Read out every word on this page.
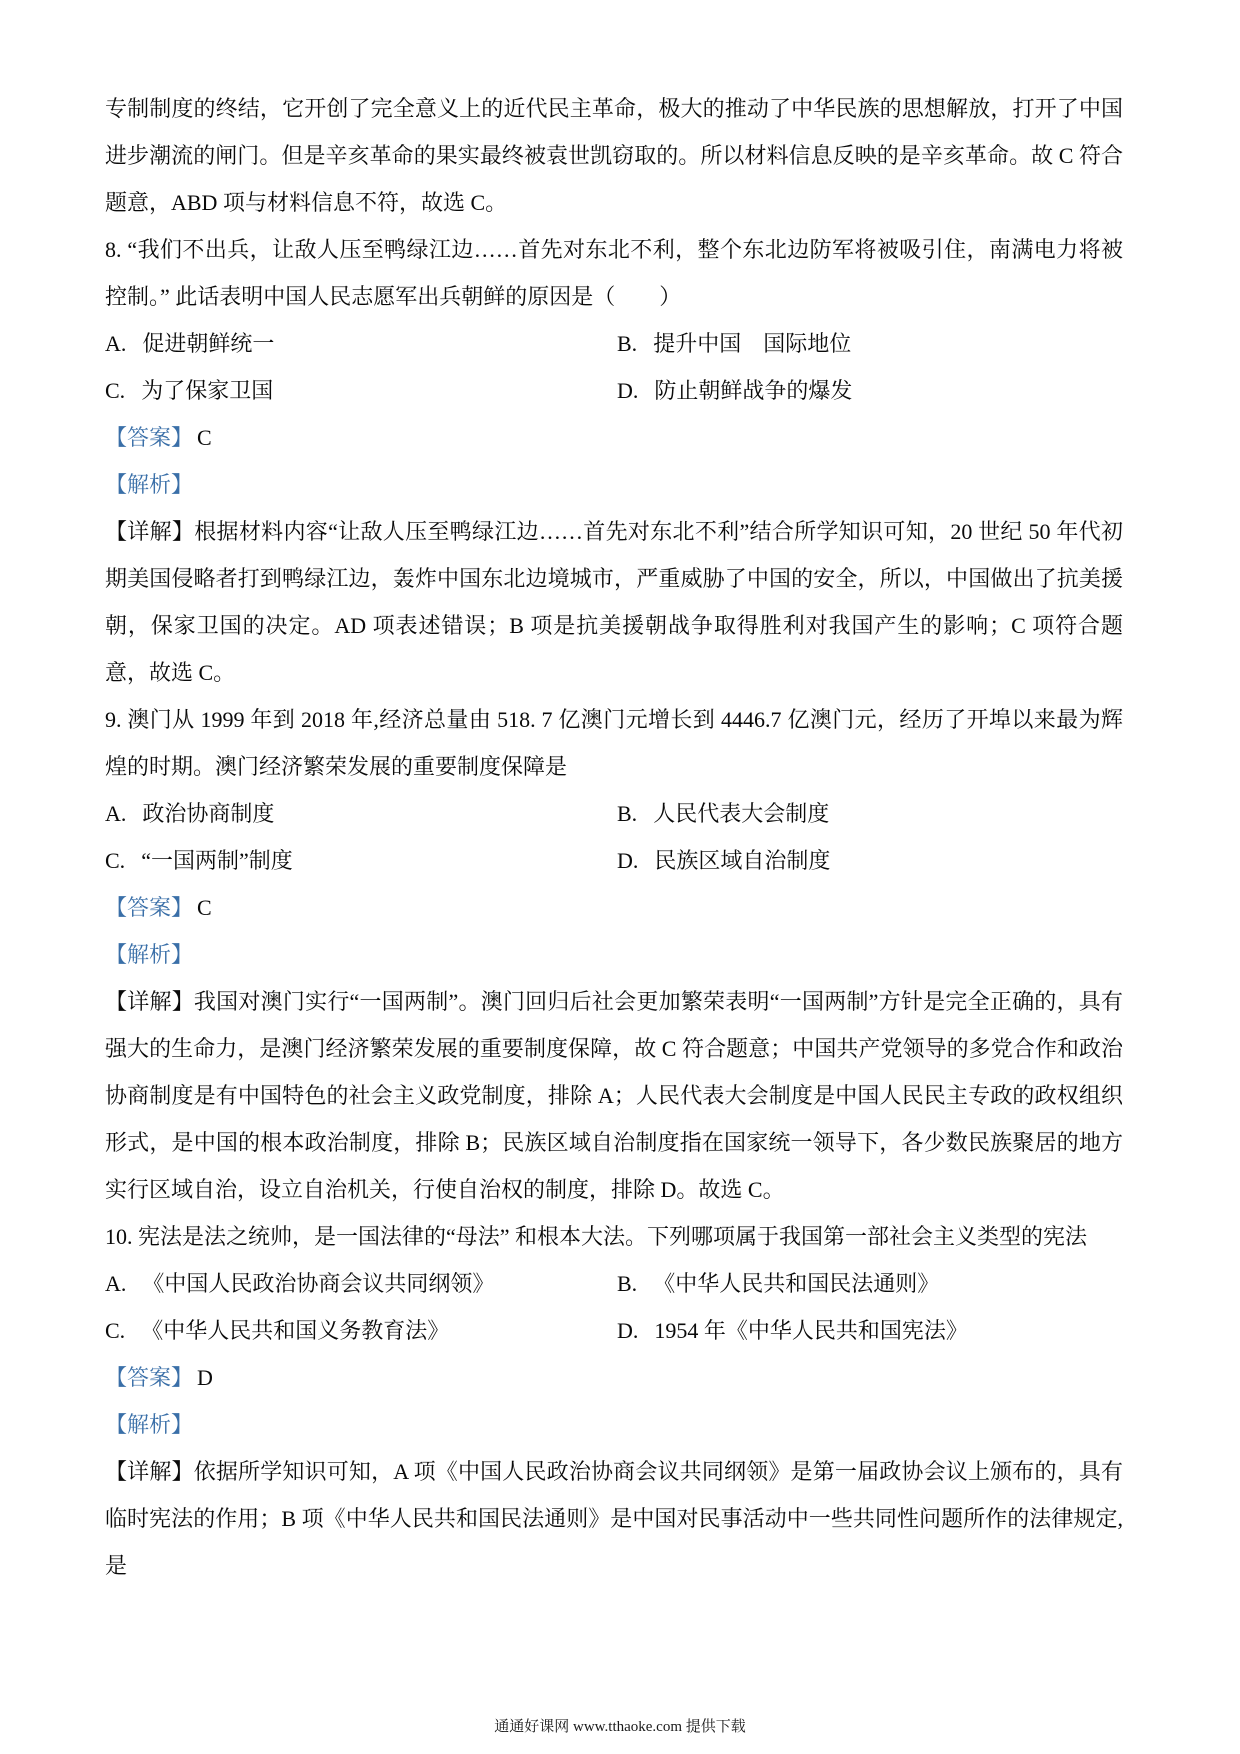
专制制度的终结，它开创了完全意义上的近代民主革命，极大的推动了中华民族的思想解放，打开了中国进步潮流的闸门。但是辛亥革命的果实最终被袁世凯窃取的。所以材料信息反映的是辛亥革命。故 C 符合题意，ABD 项与材料信息不符，故选 C。

8. “我们不出兵，让敌人压至鸭绿江边……首先对东北不利，整个东北边防军将被吸引住，南满电力将被控制。” 此话表明中国人民志愿军出兵朝鲜的原因是（　　）

A. 促进朝鲜统一	B. 提升中国　国际地位

C. 为了保家卫国	D. 防止朝鲜战争的爆发

【答案】 C

【解析】

【详解】根据材料内容“让敌人压至鸭绿江边……首先对东北不利”结合所学知识可知，20 世纪 50 年代初期美国侵略者打到鸭绿江边，轰炸中国东北边境城市，严重威胁了中国的安全，所以，中国做出了抗美援朝，保家卫国的决定。AD 项表述错误；B 项是抗美援朝战争取得胜利对我国产生的影响；C 项符合题意，故选 C。

9. 澳门从 1999 年到 2018 年,经济总量由 518. 7 亿澳门元增长到 4446.7 亿澳门元，经历了开埠以来最为辉煌的时期。澳门经济繁荣发展的重要制度保障是

A. 政治协商制度	B. 人民代表大会制度

C. “一国两制”制度	D. 民族区域自治制度

【答案】 C

【解析】

【详解】我国对澳门实行“一国两制”。澳门回归后社会更加繁荣表明“一国两制”方针是完全正确的，具有强大的生命力，是澳门经济繁荣发展的重要制度保障，故 C 符合题意；中国共产党领导的多党合作和政治协商制度是有中国特色的社会主义政党制度，排除 A；人民代表大会制度是中国人民民主专政的政权组织形式，是中国的根本政治制度，排除 B；民族区域自治制度指在国家统一领导下，各少数民族聚居的地方实行区域自治，设立自治机关，行使自治权的制度，排除 D。故选 C。

10. 宪法是法之统帅，是一国法律的“母法” 和根本大法。下列哪项属于我国第一部社会主义类型的宪法

A. 《中国人民政治协商会议共同纲领》	B. 《中华人民共和国民法通则》

C. 《中华人民共和国义务教育法》	D. 1954 年《中华人民共和国宪法》

【答案】 D

【解析】

【详解】依据所学知识可知，A 项《中国人民政治协商会议共同纲领》是第一届政协会议上颁布的，具有临时宪法的作用；B 项《中华人民共和国民法通则》是中国对民事活动中一些共同性问题所作的法律规定,是

通通好课网 www.tthaoke.com 提供下载
